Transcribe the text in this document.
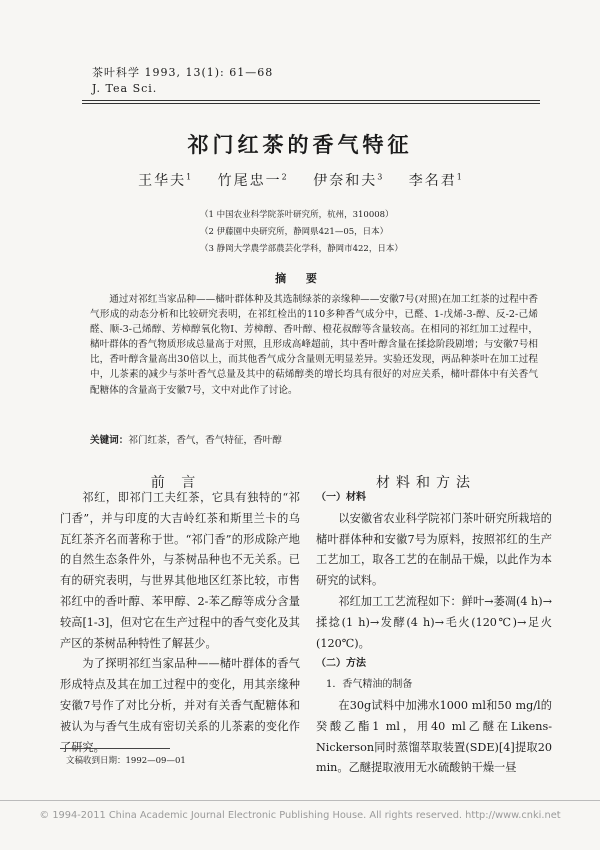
茶叶科学 1993, 13(1): 61—68
J. Tea Sci.
祁门红茶的香气特征
王华夫$^1$ 竹尾忠一$^2$ 伊奈和夫$^3$ 李名君$^1$
（1 中国农业科学院茶叶研究所，杭州，310008）
（2 伊藤園中央研究所，静岡県421—05，日本）
（3 静岡大学農学部農芸化学科，静岡市422，日本）
摘 要
通过对祁红当家品种——槠叶群体种及其选制绿茶的亲缘种——安徽7号(对照)在加工红茶的过程中香气形成的动态分析和比较研究表明，在祁红检出的110多种香气成分中，已醛、1-戊烯-3-醇、反-2-己烯醛、顺-3-己烯醇、芳樟醇氧化物Ⅰ、芳樟醇、香叶醇、橙花叔醇等含量较高。在相同的祁红加工过程中，槠叶群体的香气物质形成总量高于对照，且形成高峰超前，其中香叶醇含量在揉捻阶段剧增；与安徽7号相比，香叶醇含量高出30倍以上，而其他香气成分含量则无明显差异。实验还发现，两品种茶叶在加工过程中，儿茶素的减少与茶叶香气总量及其中的萜烯醇类的增长均具有很好的对应关系，槠叶群体中有关香气配糖体的含量高于安徽7号，文中对此作了讨论。
关键词：祁门红茶，香气，香气特征，香叶醇
前 言	材料和方法

祁红，即祁门工夫红茶，它具有独特的“祁门香”，并与印度的大吉岭红茶和斯里兰卡的乌瓦红茶齐名而著称于世。“祁门香”的形成除产地的自然生态条件外，与茶树品种也不无关系。已有的研究表明，与世界其他地区红茶比较，市售祁红中的香叶醇、苯甲醇、2-苯乙醇等成分含量较高[1-3]，但对它在生产过程中的香气变化及其产区的茶树品种特性了解甚少。

为了探明祁红当家品种——槠叶群体的香气形成特点及其在加工过程中的变化，用其亲缘种安徽7号作了对比分析，并对有关香气配糖体和被认为与香气生成有密切关系的儿茶素的变化作了研究。

文稿收到日期：1992—09—01

（一）材料

以安徽省农业科学院祁门茶叶研究所栽培的槠叶群体种和安徽7号为原料，按照祁红的生产工艺加工，取各工艺的在制品干燥，以此作为本研究的试料。

祁红加工工艺流程如下：鲜叶→萎凋(4 h)→揉捻(1 h)→发酵(4 h)→毛火(120℃)→足火(120℃)。

（二）方法

1．香气精油的制备

在30g试料中加沸水1000 ml和50 mg/l的癸酸乙酯1 ml，用40 ml乙醚在Likens-Nickerson同时蒸馏萃取装置(SDE)[4]提取20 min。乙醚提取液用无水硫酸钠干燥一昼

© 1994-2011 China Academic Journal Electronic Publishing House. All rights reserved. http://www.cnki.net
